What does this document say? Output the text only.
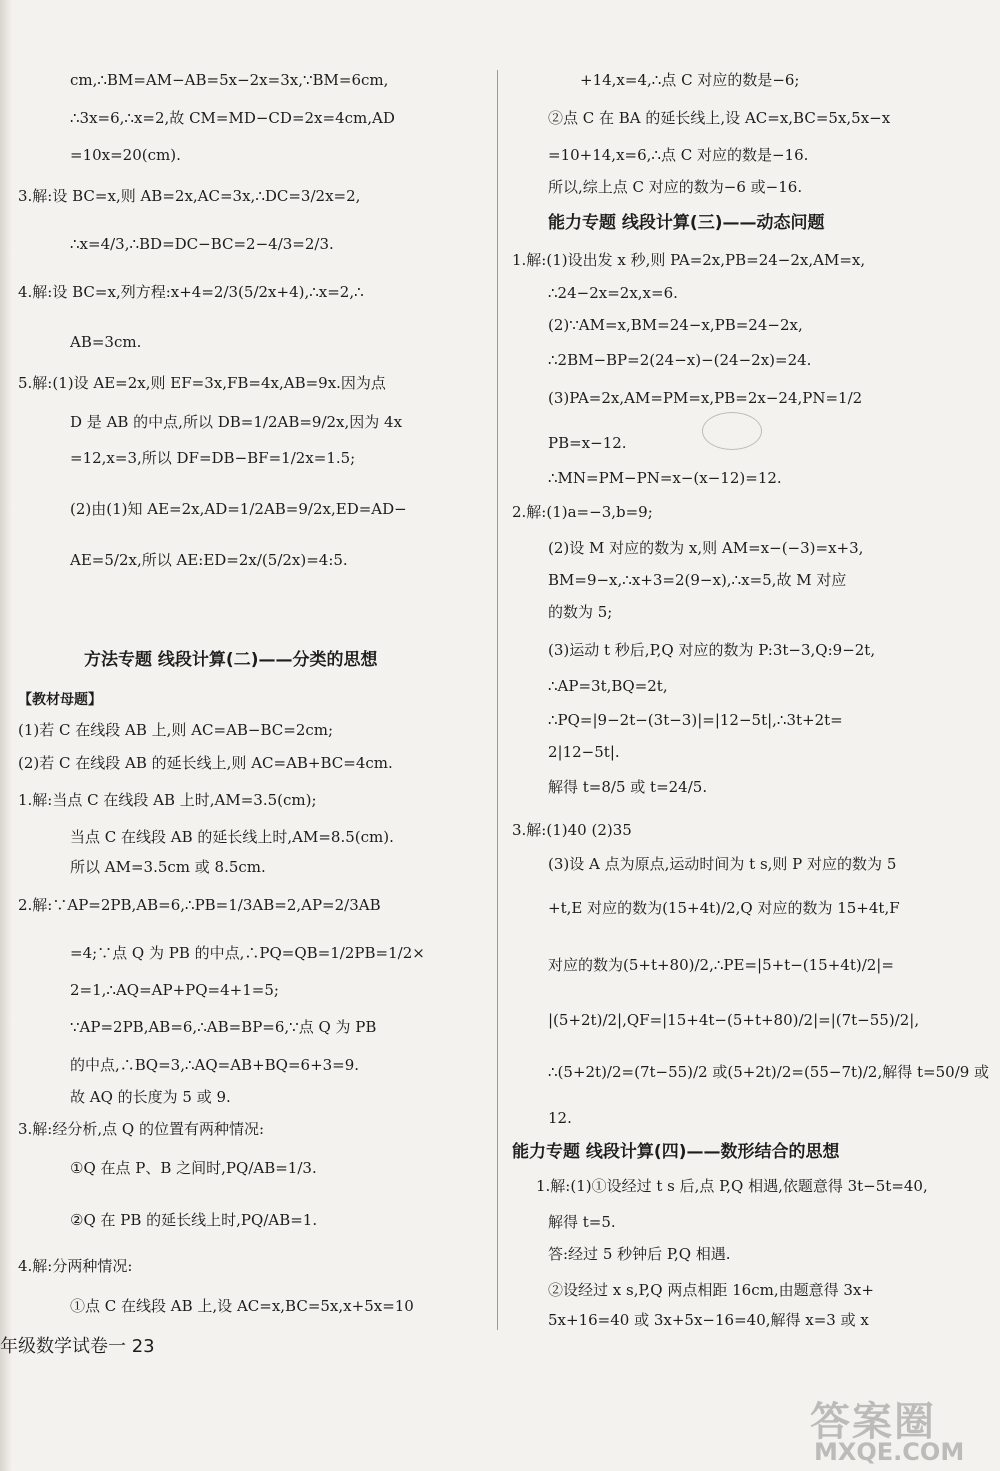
cm,∴BM=AM−AB=5x−2x=3x,∵BM=6cm,
∴3x=6,∴x=2,故 CM=MD−CD=2x=4cm,AD
=10x=20(cm).
3.解:设 BC=x,则 AB=2x,AC=3x,∴DC=3/2x=2,
∴x=4/3,∴BD=DC−BC=2−4/3=2/3.
4.解:设 BC=x,列方程:x+4=2/3(5/2x+4),∴x=2,∴
AB=3cm.
5.解:(1)设 AE=2x,则 EF=3x,FB=4x,AB=9x.因为点
D 是 AB 的中点,所以 DB=1/2AB=9/2x,因为 4x
=12,x=3,所以 DF=DB−BF=1/2x=1.5;
(2)由(1)知 AE=2x,AD=1/2AB=9/2x,ED=AD−
AE=5/2x,所以 AE:ED=2x/(5/2x)=4:5.
方法专题 线段计算(二)——分类的思想
【教材母题】
(1)若 C 在线段 AB 上,则 AC=AB−BC=2cm;
(2)若 C 在线段 AB 的延长线上,则 AC=AB+BC=4cm.
1.解:当点 C 在线段 AB 上时,AM=3.5(cm);
当点 C 在线段 AB 的延长线上时,AM=8.5(cm).
所以 AM=3.5cm 或 8.5cm.
2.解:∵AP=2PB,AB=6,∴PB=1/3AB=2,AP=2/3AB
=4;∵点 Q 为 PB 的中点,∴PQ=QB=1/2PB=1/2×
2=1,∴AQ=AP+PQ=4+1=5;
∵AP=2PB,AB=6,∴AB=BP=6,∵点 Q 为 PB
的中点,∴BQ=3,∴AQ=AB+BQ=6+3=9.
故 AQ 的长度为 5 或 9.
3.解:经分析,点 Q 的位置有两种情况:
①Q 在点 P、B 之间时,PQ/AB=1/3.
②Q 在 PB 的延长线上时,PQ/AB=1.
4.解:分两种情况:
①点 C 在线段 AB 上,设 AC=x,BC=5x,x+5x=10
+14,x=4,∴点 C 对应的数是−6;
②点 C 在 BA 的延长线上,设 AC=x,BC=5x,5x−x
=10+14,x=6,∴点 C 对应的数是−16.
所以,综上点 C 对应的数为−6 或−16.
能力专题 线段计算(三)——动态问题
1.解:(1)设出发 x 秒,则 PA=2x,PB=24−2x,AM=x,
∴24−2x=2x,x=6.
(2)∵AM=x,BM=24−x,PB=24−2x,
∴2BM−BP=2(24−x)−(24−2x)=24.
(3)PA=2x,AM=PM=x,PB=2x−24,PN=1/2
PB=x−12.
∴MN=PM−PN=x−(x−12)=12.
2.解:(1)a=−3,b=9;
(2)设 M 对应的数为 x,则 AM=x−(−3)=x+3,
BM=9−x,∴x+3=2(9−x),∴x=5,故 M 对应
的数为 5;
(3)运动 t 秒后,P,Q 对应的数为 P:3t−3,Q:9−2t,
∴AP=3t,BQ=2t,
∴PQ=|9−2t−(3t−3)|=|12−5t|,∴3t+2t=
2|12−5t|.
解得 t=8/5 或 t=24/5.
3.解:(1)40 (2)35
(3)设 A 点为原点,运动时间为 t s,则 P 对应的数为 5
+t,E 对应的数为(15+4t)/2,Q 对应的数为 15+4t,F
对应的数为(5+t+80)/2,∴PE=|5+t−(15+4t)/2|=
|(5+2t)/2|,QF=|15+4t−(5+t+80)/2|=|(7t−55)/2|,
∴(5+2t)/2=(7t−55)/2 或(5+2t)/2=(55−7t)/2,解得 t=50/9 或
12.
能力专题 线段计算(四)——数形结合的思想
1.解:(1)①设经过 t s 后,点 P,Q 相遇,依题意得 3t−5t=40,
解得 t=5.
答:经过 5 秒钟后 P,Q 相遇.
②设经过 x s,P,Q 两点相距 16cm,由题意得 3x+
5x+16=40 或 3x+5x−16=40,解得 x=3 或 x
年级数学试卷一 23
答案圈
MXQE.COM
